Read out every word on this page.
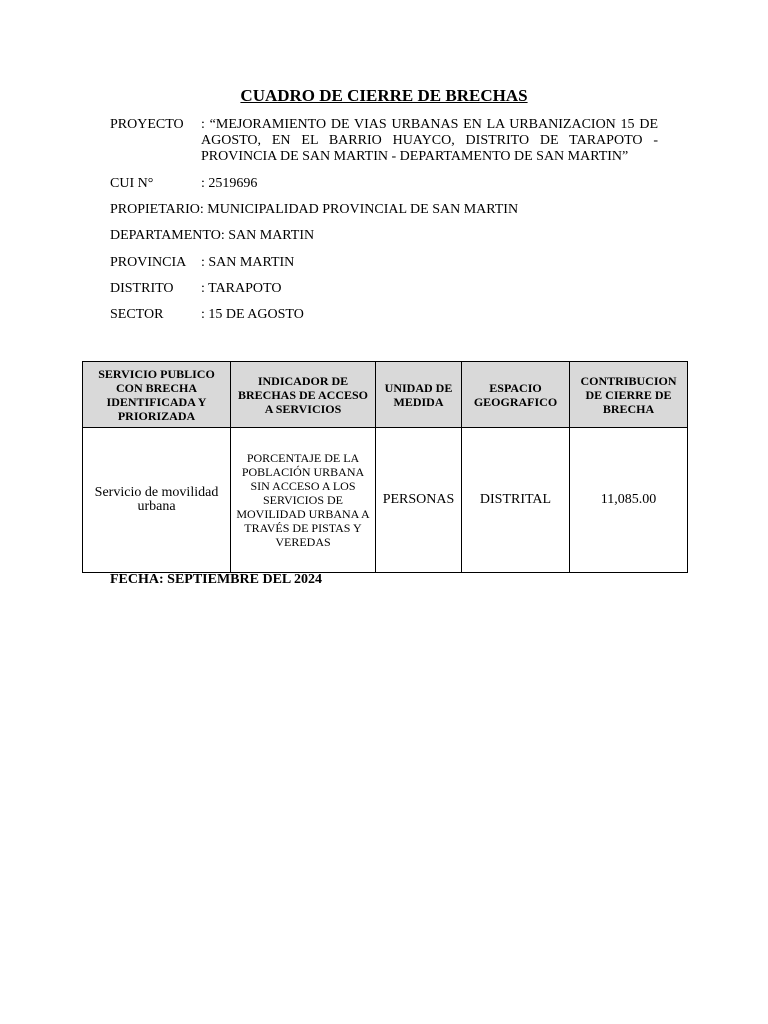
CUADRO DE CIERRE DE BRECHAS
PROYECTO : “MEJORAMIENTO DE VIAS URBANAS EN LA URBANIZACION 15 DE
AGOSTO, EN EL BARRIO HUAYCO, DISTRITO DE TARAPOTO -
PROVINCIA DE SAN MARTIN - DEPARTAMENTO DE SAN MARTIN”
CUI N°	: 2519696
PROPIETARIO: MUNICIPALIDAD PROVINCIAL DE SAN MARTIN
DEPARTAMENTO: SAN MARTIN
PROVINCIA : SAN MARTIN
DISTRITO : TARAPOTO
SECTOR	: 15 DE AGOSTO
SERVICIO PUBLICO CON BRECHA IDENTIFICADA Y PRIORIZADA	INDICADOR DE BRECHAS DE ACCESO A SERVICIOS	UNIDAD DE MEDIDA	ESPACIO GEOGRAFICO	CONTRIBUCION DE CIERRE DE BRECHA
Servicio de movilidad urbana	PORCENTAJE DE LA POBLACIÓN URBANA SIN ACCESO A LOS SERVICIOS DE MOVILIDAD URBANA A TRAVÉS DE PISTAS Y VEREDAS	PERSONAS	DISTRITAL	11,085.00
FECHA: SEPTIEMBRE DEL 2024
